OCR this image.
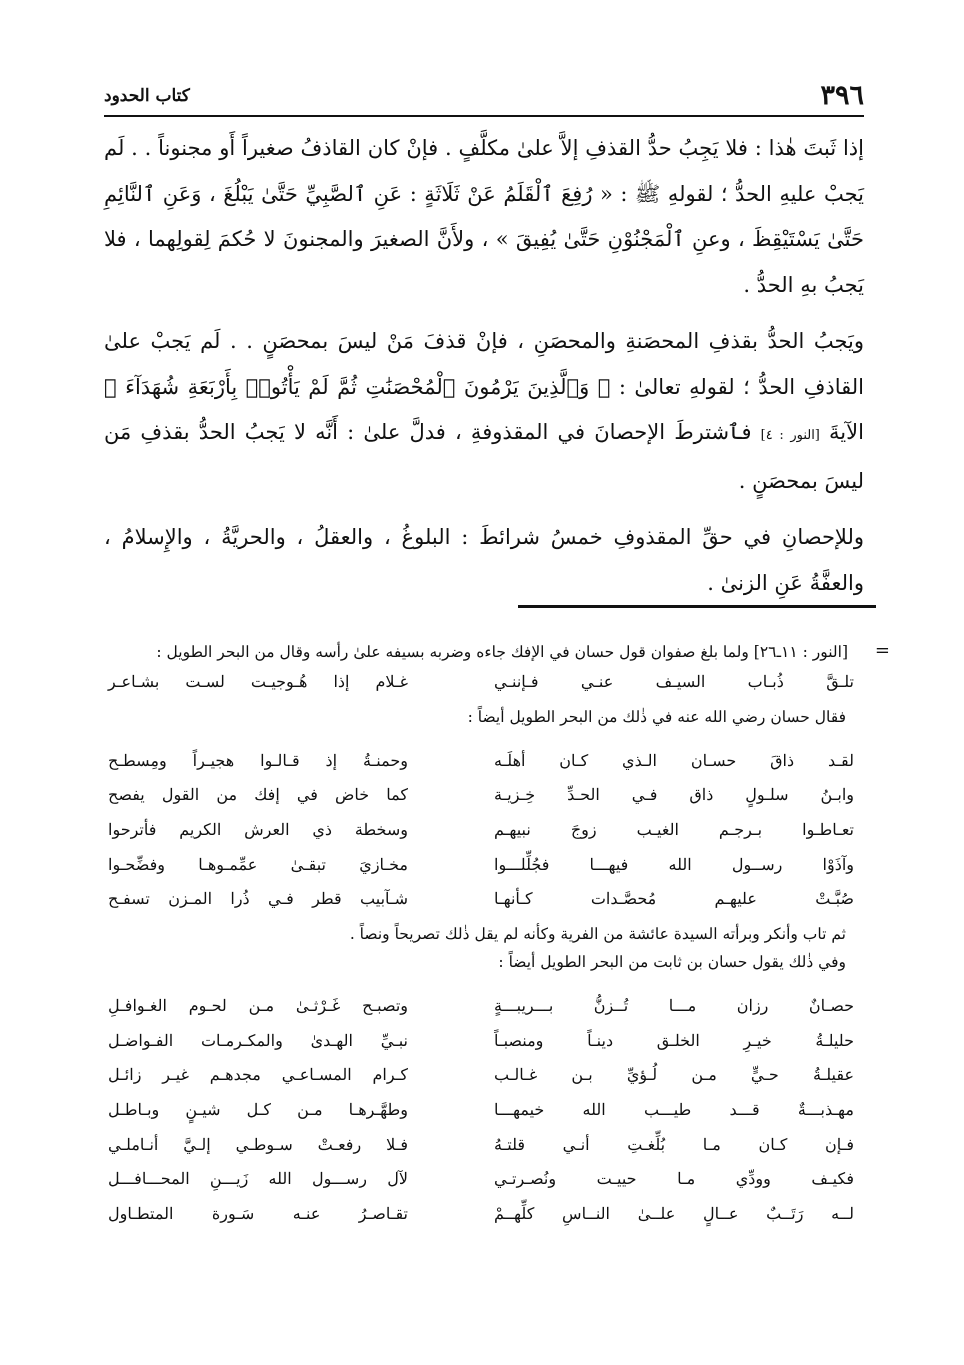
٣٩٦
كتاب الحدود

إذا ثَبتَ هٰذا : فلا يَجِبُ حدُّ القذفِ إلاَّ علىٰ مكلَّفٍ . فإنْ كان القاذفُ صغيراً أَو مجنوناً . . لَم يَجبْ عليهِ الحدُّ ؛ لقولهِ ﷺ : « رُفِعَ ٱلْقَلَمُ عَنْ ثَلَاثَةٍ : عَنِ ٱلصَّبِيِّ حَتَّىٰ يَبْلُغَ ، وَعَنِ ٱلنَّائِمِ حَتَّىٰ يَسْتَيْقِظَ ، وعنِ ٱلْمَجْنُوْنِ حَتَّىٰ يُفِيقَ » ، ولأَنَّ الصغيرَ والمجنونَ لا حُكمَ لِقولِهما ، فلا يَجبُ بهِ الحدُّ .

ويَجبُ الحدُّ بقذفِ المحصَنةِ والمحصَنِ ، فإنْ قذفَ مَنْ ليسَ بمحصَنٍ . . لَم يَجبْ علىٰ القاذفِ الحدُّ ؛ لقولهِ تعالىٰ : ﴿ وَٱلَّذِينَ يَرْمُونَ ٱلْمُحْصَنَٰتِ ثُمَّ لَمْ يَأْتُوا۟ بِأَرْبَعَةِ شُهَدَآءَ ﴾ الآيةَ [النور : ٤] فٱشترطَ الإحصانَ في المقذوفةِ ، فدلَّ علىٰ : أَنَّه لا يَجبُ الحدُّ بقذفِ مَن ليسَ بمحصَنٍ .

وللإحصانِ في حقِّ المقذوفِ خمسُ شرائطَ : البلوغُ ، والعقلُ ، والحريَّةُ ، والإِسلامُ ، والعفَّةُ عَنِ الزنىٰ .

=

[النور : ١١ـ٢٦] ولما بلغ صفوان قول حسان في الإفك جاءه وضربه بسيفه علىٰ رأسه وقال من البحر الطويل :

تلـقَّ ذُبـاب السيـف عنـي فـإننـي
غـلام إذا هُـوجيـت لسـت بشـاعـر

فقال حسان رضي الله عنه في ذٰلك من البحر الطويل أيضاً :

لقـد ذاقَ حسـان الـذي كـان أهلَـه
وحمنـةُ إذ قـالـوا هجيـراً ومِسطـح
وابـنُ سلـولٍ ذاق فـي الحـدِّ خِـزيـة
كما خاض في إفك من القول يفصح
تعـاطـوا بـرجـم الغيـب زوجَ نبيهـم
وسخطة ذي العرش الكريم فأترحوا
وآذَوْا رســول الله فيهـــا فجُلِّلـــوا
مخـازيَ تبقـىٰ عمِّمـوهـا وفضِّحـوا
صُبَّـتْ عليهـم مُحصَّـدات كـأنهـا
شـآبيب قطر فـي ذُرا المـزن تسفـح

ثم تاب وأنكر وبرأته السيدة عائشة من الفرية وكأنه لم يقل ذٰلك تصريحاً ونصاً .

وفي ذٰلك يقول حسان بن ثابت من البحر الطويل أيضاً :

حصـانٌ رزان مـــا تُــزنُّ بـــريبـــةٍ
وتصبـح غَـرْثـىٰ مـن لحـوم الغـوافـلِ
حليلـةُ خيـرِ الخلـق دينـاً ومنصبـاً
نبـيِّ الهـدىٰ والمكـرمـات الفـواضـل
عقيلـةُ حـيٍّ مـن لُـؤيِّ بـن غـالـب
كـرام المسـاعـي مجدهـم غيـر زائـل
مهـذبـــةٌ قـــد طيـــب الله خيمهـــا
وطهَّـرهـا مـن كـل شيـنٍ وبـاطـل
فـإن كـان مـا بُلِّغـتِ أنـي قلتـهُ
فـلا رفعـتْ سـوطـي إلـيَّ أنـاملـي
فكيـف وودِّي مـا حييـت ونُصـرتـي
لآل رســـول الله زَيـــنِ المحـــافـــل
لــه رَتَــبٌ عــالٍ علــىٰ النــاسِ كلِّهــمْ
تقـاصـرُ عنـه سَـورة المتطـاول
